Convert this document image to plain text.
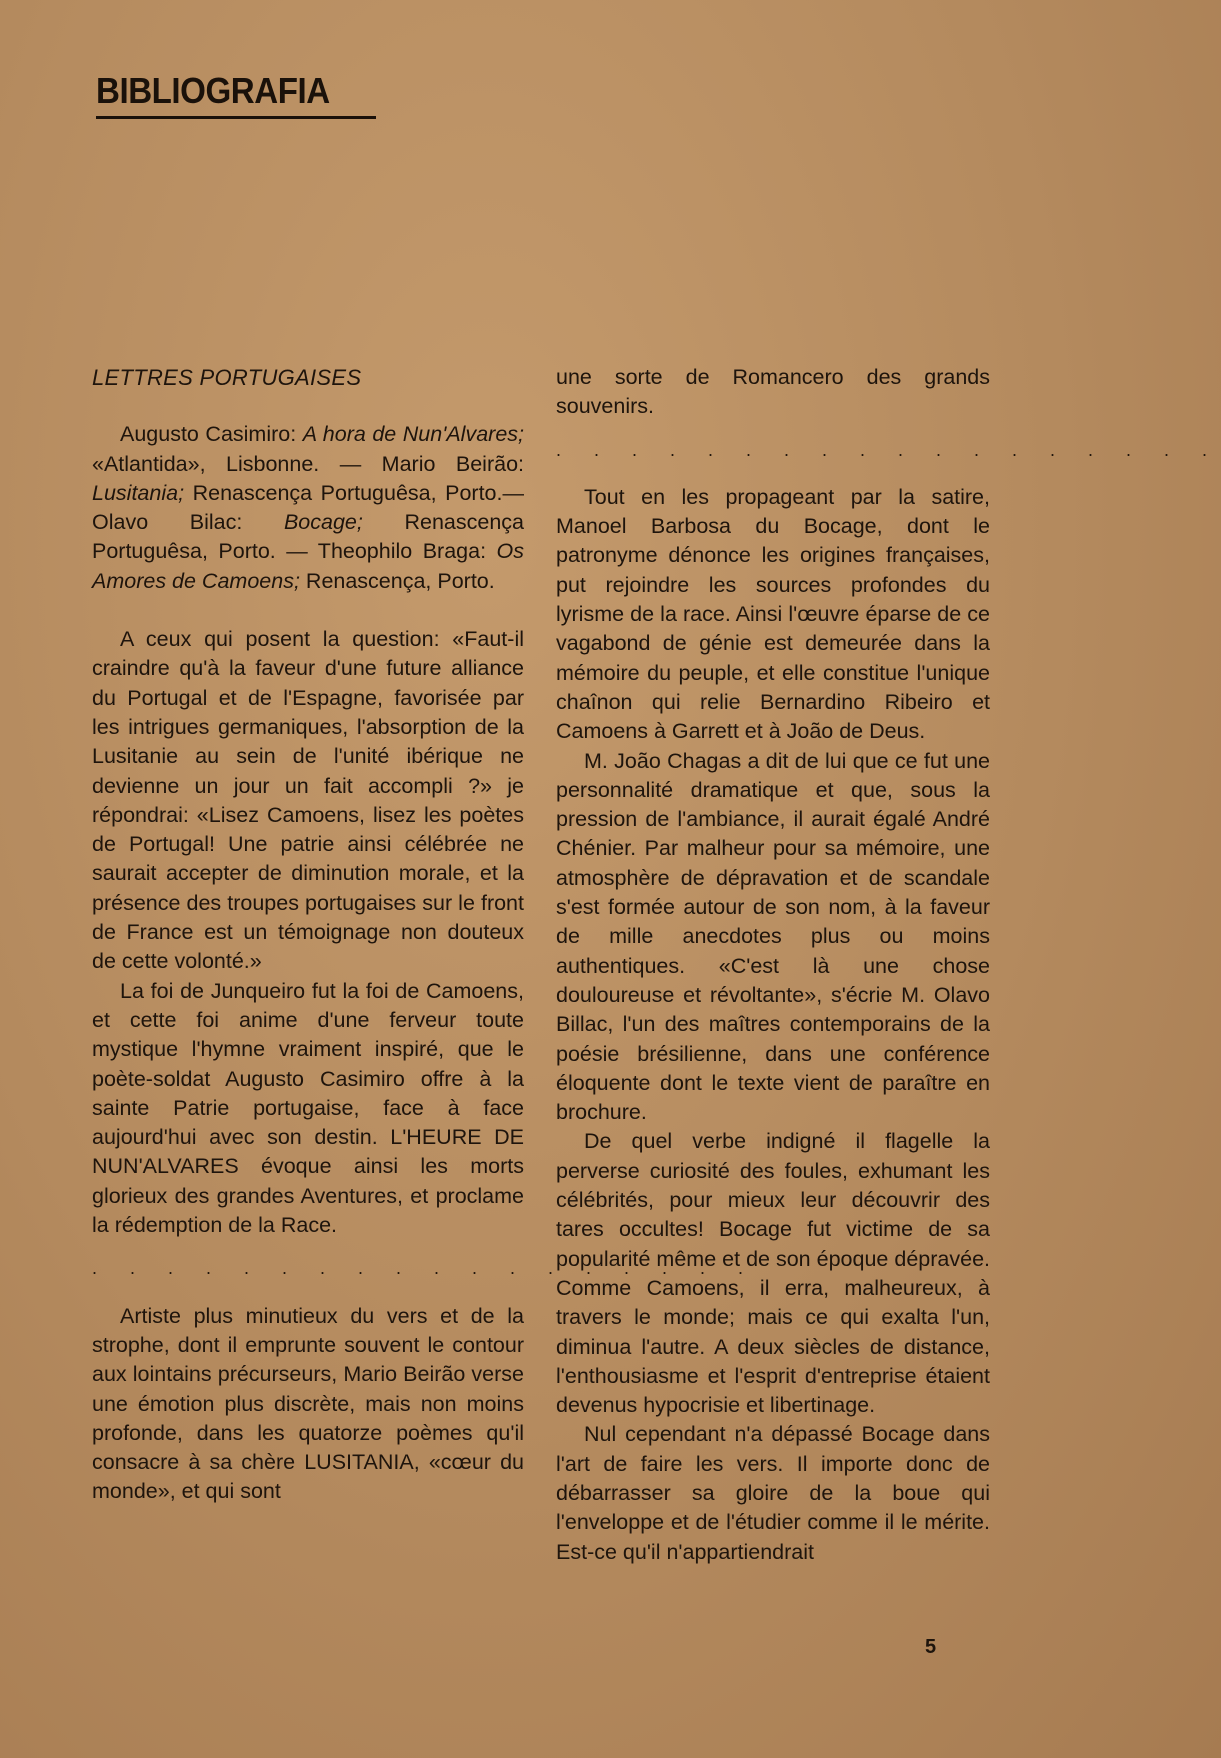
BIBLIOGRAFIA
LETTRES PORTUGAISES

Augusto Casimiro: A hora de Nun'Alvares; «Atlantida», Lisbonne. — Mario Beirão: Lusitania; Renascença Portuguêsa, Porto.— Olavo Bilac: Bocage; Renascença Portuguêsa, Porto. — Theophilo Braga: Os Amores de Camoens; Renascença, Porto.

A ceux qui posent la question: «Faut-il craindre qu'à la faveur d'une future alliance du Portugal et de l'Espagne, favorisée par les intrigues germaniques, l'absorption de la Lusitanie au sein de l'unité ibérique ne devienne un jour un fait accompli ?» je répondrai: «Lisez Camoens, lisez les poètes de Portugal! Une patrie ainsi célébrée ne saurait accepter de diminution morale, et la présence des troupes portugaises sur le front de France est un témoignage non douteux de cette volonté.»

La foi de Junqueiro fut la foi de Camoens, et cette foi anime d'une ferveur toute mystique l'hymne vraiment inspiré, que le poète-soldat Augusto Casimiro offre à la sainte Patrie portugaise, face à face aujourd'hui avec son destin. L'HEURE DE NUN'ALVARES évoque ainsi les morts glorieux des grandes Aventures, et proclame la rédemption de la Race.

. . . . . . . . . . . . . . . . . .

Artiste plus minutieux du vers et de la strophe, dont il emprunte souvent le contour aux lointains précurseurs, Mario Beirão verse une émotion plus discrète, mais non moins profonde, dans les quatorze poèmes qu'il consacre à sa chère LUSITANIA, «cœur du monde», et qui sont

une sorte de Romancero des grands souvenirs.

. . . . . . . . . . . . . . . . . .

Tout en les propageant par la satire, Manoel Barbosa du Bocage, dont le patronyme dénonce les origines françaises, put rejoindre les sources profondes du lyrisme de la race. Ainsi l'œuvre éparse de ce vagabond de génie est demeurée dans la mémoire du peuple, et elle constitue l'unique chaînon qui relie Bernardino Ribeiro et Camoens à Garrett et à João de Deus.

M. João Chagas a dit de lui que ce fut une personnalité dramatique et que, sous la pression de l'ambiance, il aurait égalé André Chénier. Par malheur pour sa mémoire, une atmosphère de dépravation et de scandale s'est formée autour de son nom, à la faveur de mille anecdotes plus ou moins authentiques. «C'est là une chose douloureuse et révoltante», s'écrie M. Olavo Billac, l'un des maîtres contemporains de la poésie brésilienne, dans une conférence éloquente dont le texte vient de paraître en brochure.

De quel verbe indigné il flagelle la perverse curiosité des foules, exhumant les célébrités, pour mieux leur découvrir des tares occultes! Bocage fut victime de sa popularité même et de son époque dépravée. Comme Camoens, il erra, malheureux, à travers le monde; mais ce qui exalta l'un, diminua l'autre. A deux siècles de distance, l'enthousiasme et l'esprit d'entreprise étaient devenus hypocrisie et libertinage.

Nul cependant n'a dépassé Bocage dans l'art de faire les vers. Il importe donc de débarrasser sa gloire de la boue qui l'enveloppe et de l'étudier comme il le mérite. Est-ce qu'il n'appartiendrait

5
